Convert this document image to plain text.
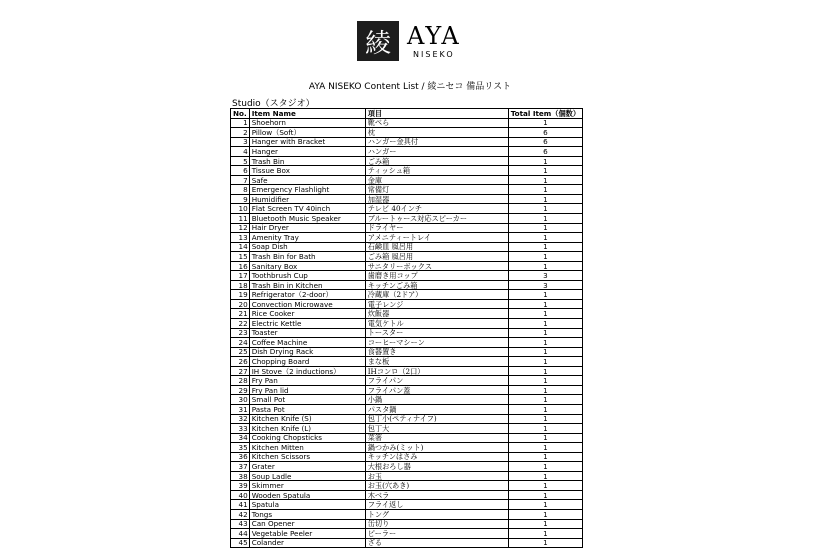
綾 AYA
NISEKO
AYA NISEKO Content List / 綾ニセコ 備品リスト
Studio（スタジオ）
No.	Item Name	項目	Total Item（個数）
1	Shoehorn	靴べら	1
2	Pillow（Soft）	枕	6
3	Hanger with Bracket	ハンガー金具付	6
4	Hanger	ハンガー	6
5	Trash Bin	ごみ箱	1
6	Tissue Box	ティッシュ箱	1
7	Safe	金庫	1
8	Emergency Flashlight	常備灯	1
9	Humidifier	加湿器	1
10	Flat Screen TV 40inch	テレビ 40インチ	1
11	Bluetooth Music Speaker	ブルートゥース対応スピーカー	1
12	Hair Dryer	ドライヤー	1
13	Amenity Tray	アメニティートレイ	1
14	Soap Dish	石鹸皿 風呂用	1
15	Trash Bin for Bath	ごみ箱 風呂用	1
16	Sanitary Box	サニタリーボックス	1
17	Toothbrush Cup	歯磨き用コップ	3
18	Trash Bin in Kitchen	キッチンごみ箱	3
19	Refrigerator（2-door）	冷蔵庫（2ドア）	1
20	Convection Microwave	電子レンジ	1
21	Rice Cooker	炊飯器	1
22	Electric Kettle	電気ケトル	1
23	Toaster	トースター	1
24	Coffee Machine	コーヒーマシーン	1
25	Dish Drying Rack	食器置き	1
26	Chopping Board	まな板	1
27	IH Stove（2 inductions）	IHコンロ（2口）	1
28	Fry Pan	フライパン	1
29	Fry Pan lid	フライパン蓋	1
30	Small Pot	小鍋	1
31	Pasta Pot	パスタ鍋	1
32	Kitchen Knife (S)	包丁小(ペティナイフ)	1
33	Kitchen Knife (L)	包丁大	1
34	Cooking Chopsticks	菜箸	1
35	Kitchen Mitten	鍋つかみ(ミット)	1
36	Kitchen Scissors	キッチンはさみ	1
37	Grater	大根おろし器	1
38	Soup Ladle	お玉	1
39	Skimmer	お玉(穴あき)	1
40	Wooden Spatula	木ベラ	1
41	Spatula	フライ返し	1
42	Tongs	トング	1
43	Can Opener	缶切り	1
44	Vegetable Peeler	ピーラー	1
45	Colander	ざる	1
